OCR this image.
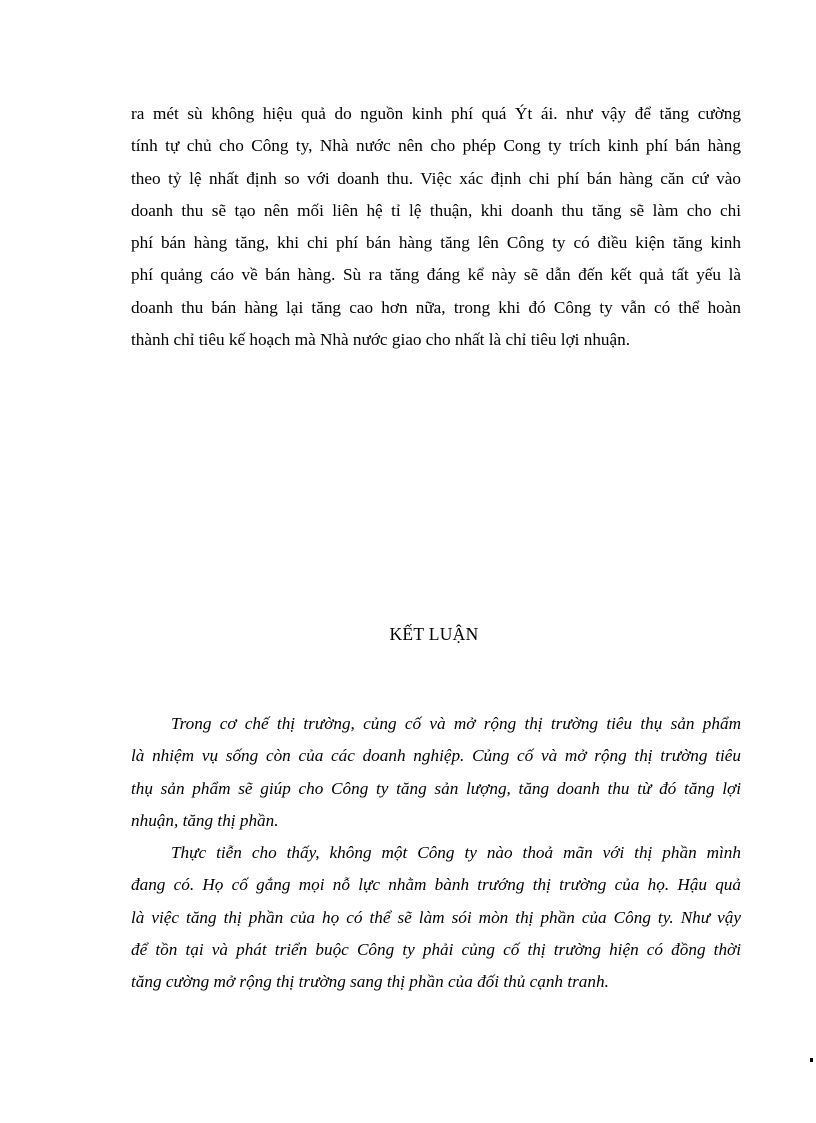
ra mét sù không hiệu quả do nguồn kinh phí quá Ýt ái. như vậy để tăng cường
tính tự chủ cho Công ty, Nhà nước nên cho phép Cong ty trích kinh phí bán hàng
theo tỷ lệ nhất định so với doanh thu. Việc xác định chi phí bán hàng căn cứ vào
doanh thu sẽ tạo nên mối liên hệ tỉ lệ thuận, khi doanh thu tăng sẽ làm cho chi
phí bán hàng tăng, khi chi phí bán hàng tăng lên Công ty có điều kiện tăng kinh
phí quảng cáo về bán hàng. Sù ra tăng đáng kể này sẽ dẫn đến kết quả tất yếu là
doanh thu bán hàng lại tăng cao hơn nữa, trong khi đó Công ty vẫn có thể hoàn
thành chỉ tiêu kế hoạch mà Nhà nước giao cho nhất là chỉ tiêu lợi nhuận.
KẾT LUẬN
Trong cơ chế thị trường, củng cố và mở rộng thị trường tiêu thụ sản phẩm
là nhiệm vụ sống còn của các doanh nghiệp. Củng cố và mở rộng thị trường tiêu
thụ sản phẩm sẽ giúp cho Công ty tăng sản lượng, tăng doanh thu từ đó tăng lợi
nhuận, tăng thị phần.
Thực tiễn cho thấy, không một Công ty nào thoả mãn với thị phần mình
đang có. Họ cố gắng mọi nỗ lực nhằm bành trướng thị trường của họ. Hậu quả
là việc tăng thị phần của họ có thể sẽ làm sói mòn thị phần của Công ty. Như vậy
để tồn tại và phát triển buộc Công ty phải củng cố thị trường hiện có đồng thời
tăng cường mở rộng thị trường sang thị phần của đối thủ cạnh tranh.
